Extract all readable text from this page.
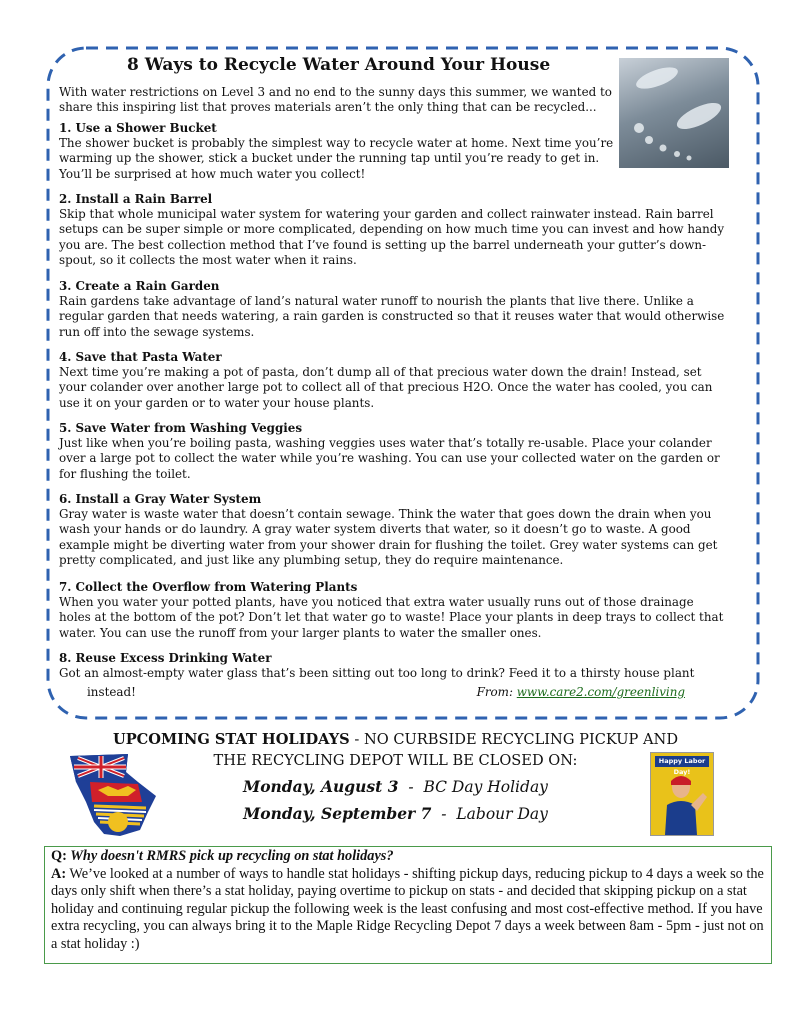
8 Ways to Recycle Water Around Your House
With water restrictions on Level 3 and no end to the sunny days this summer, we wanted to share this inspiring list that proves materials aren’t the only thing that can be recycled...
1. Use a Shower Bucket
The shower bucket is probably the simplest way to recycle water at home. Next time you’re warming up the shower, stick a bucket under the running tap until you’re ready to get in. You’ll be surprised at how much water you collect!
2. Install a Rain Barrel
Skip that whole municipal water system for watering your garden and collect rainwater instead. Rain barrel setups can be super simple or more complicated, depending on how much time you can invest and how handy you are. The best collection method that I’ve found is setting up the barrel underneath your gutter’s down-spout, so it collects the most water when it rains.
3. Create a Rain Garden
Rain gardens take advantage of land’s natural water runoff to nourish the plants that live there. Unlike a regular garden that needs watering, a rain garden is constructed so that it reuses water that would otherwise run off into the sewage systems.
4. Save that Pasta Water
Next time you’re making a pot of pasta, don’t dump all of that precious water down the drain! Instead, set your colander over another large pot to collect all of that precious H2O. Once the water has cooled, you can use it on your garden or to water your house plants.
5. Save Water from Washing Veggies
Just like when you’re boiling pasta, washing veggies uses water that’s totally re-usable. Place your colander over a large pot to collect the water while you’re washing. You can use your collected water on the garden or for flushing the toilet.
6. Install a Gray Water System
Gray water is waste water that doesn’t contain sewage. Think the water that goes down the drain when you wash your hands or do laundry. A gray water system diverts that water, so it doesn’t go to waste. A good example might be diverting water from your shower drain for flushing the toilet. Grey water systems can get pretty complicated, and just like any plumbing setup, they do require maintenance.
7. Collect the Overflow from Watering Plants
When you water your potted plants, have you noticed that extra water usually runs out of those drainage holes at the bottom of the pot? Don’t let that water go to waste! Place your plants in deep trays to collect that water. You can use the runoff from your larger plants to water the smaller ones.
8. Reuse Excess Drinking Water
Got an almost-empty water glass that’s been sitting out too long to drink? Feed it to a thirsty house plant
instead!	From: www.care2.com/greenliving
UPCOMING STAT HOLIDAYS - NO CURBSIDE RECYCLING PICKUP AND
THE RECYCLING DEPOT WILL BE CLOSED ON:
Monday, August 3  -  BC Day Holiday
Monday, September 7  -  Labour Day
Happy Labor Day!
Q: Why doesn't RMRS pick up recycling on stat holidays?
A: We’ve looked at a number of ways to handle stat holidays - shifting pickup days, reducing pickup to 4 days a week so the days only shift when there’s a stat holiday, paying overtime to pickup on stats - and decided that skipping pickup on a stat holiday and continuing regular pickup the following week is the least confusing and most cost-effective method. If you have extra recycling, you can always bring it to the Maple Ridge Recycling Depot 7 days a week between 8am - 5pm - just not on a stat holiday :)
